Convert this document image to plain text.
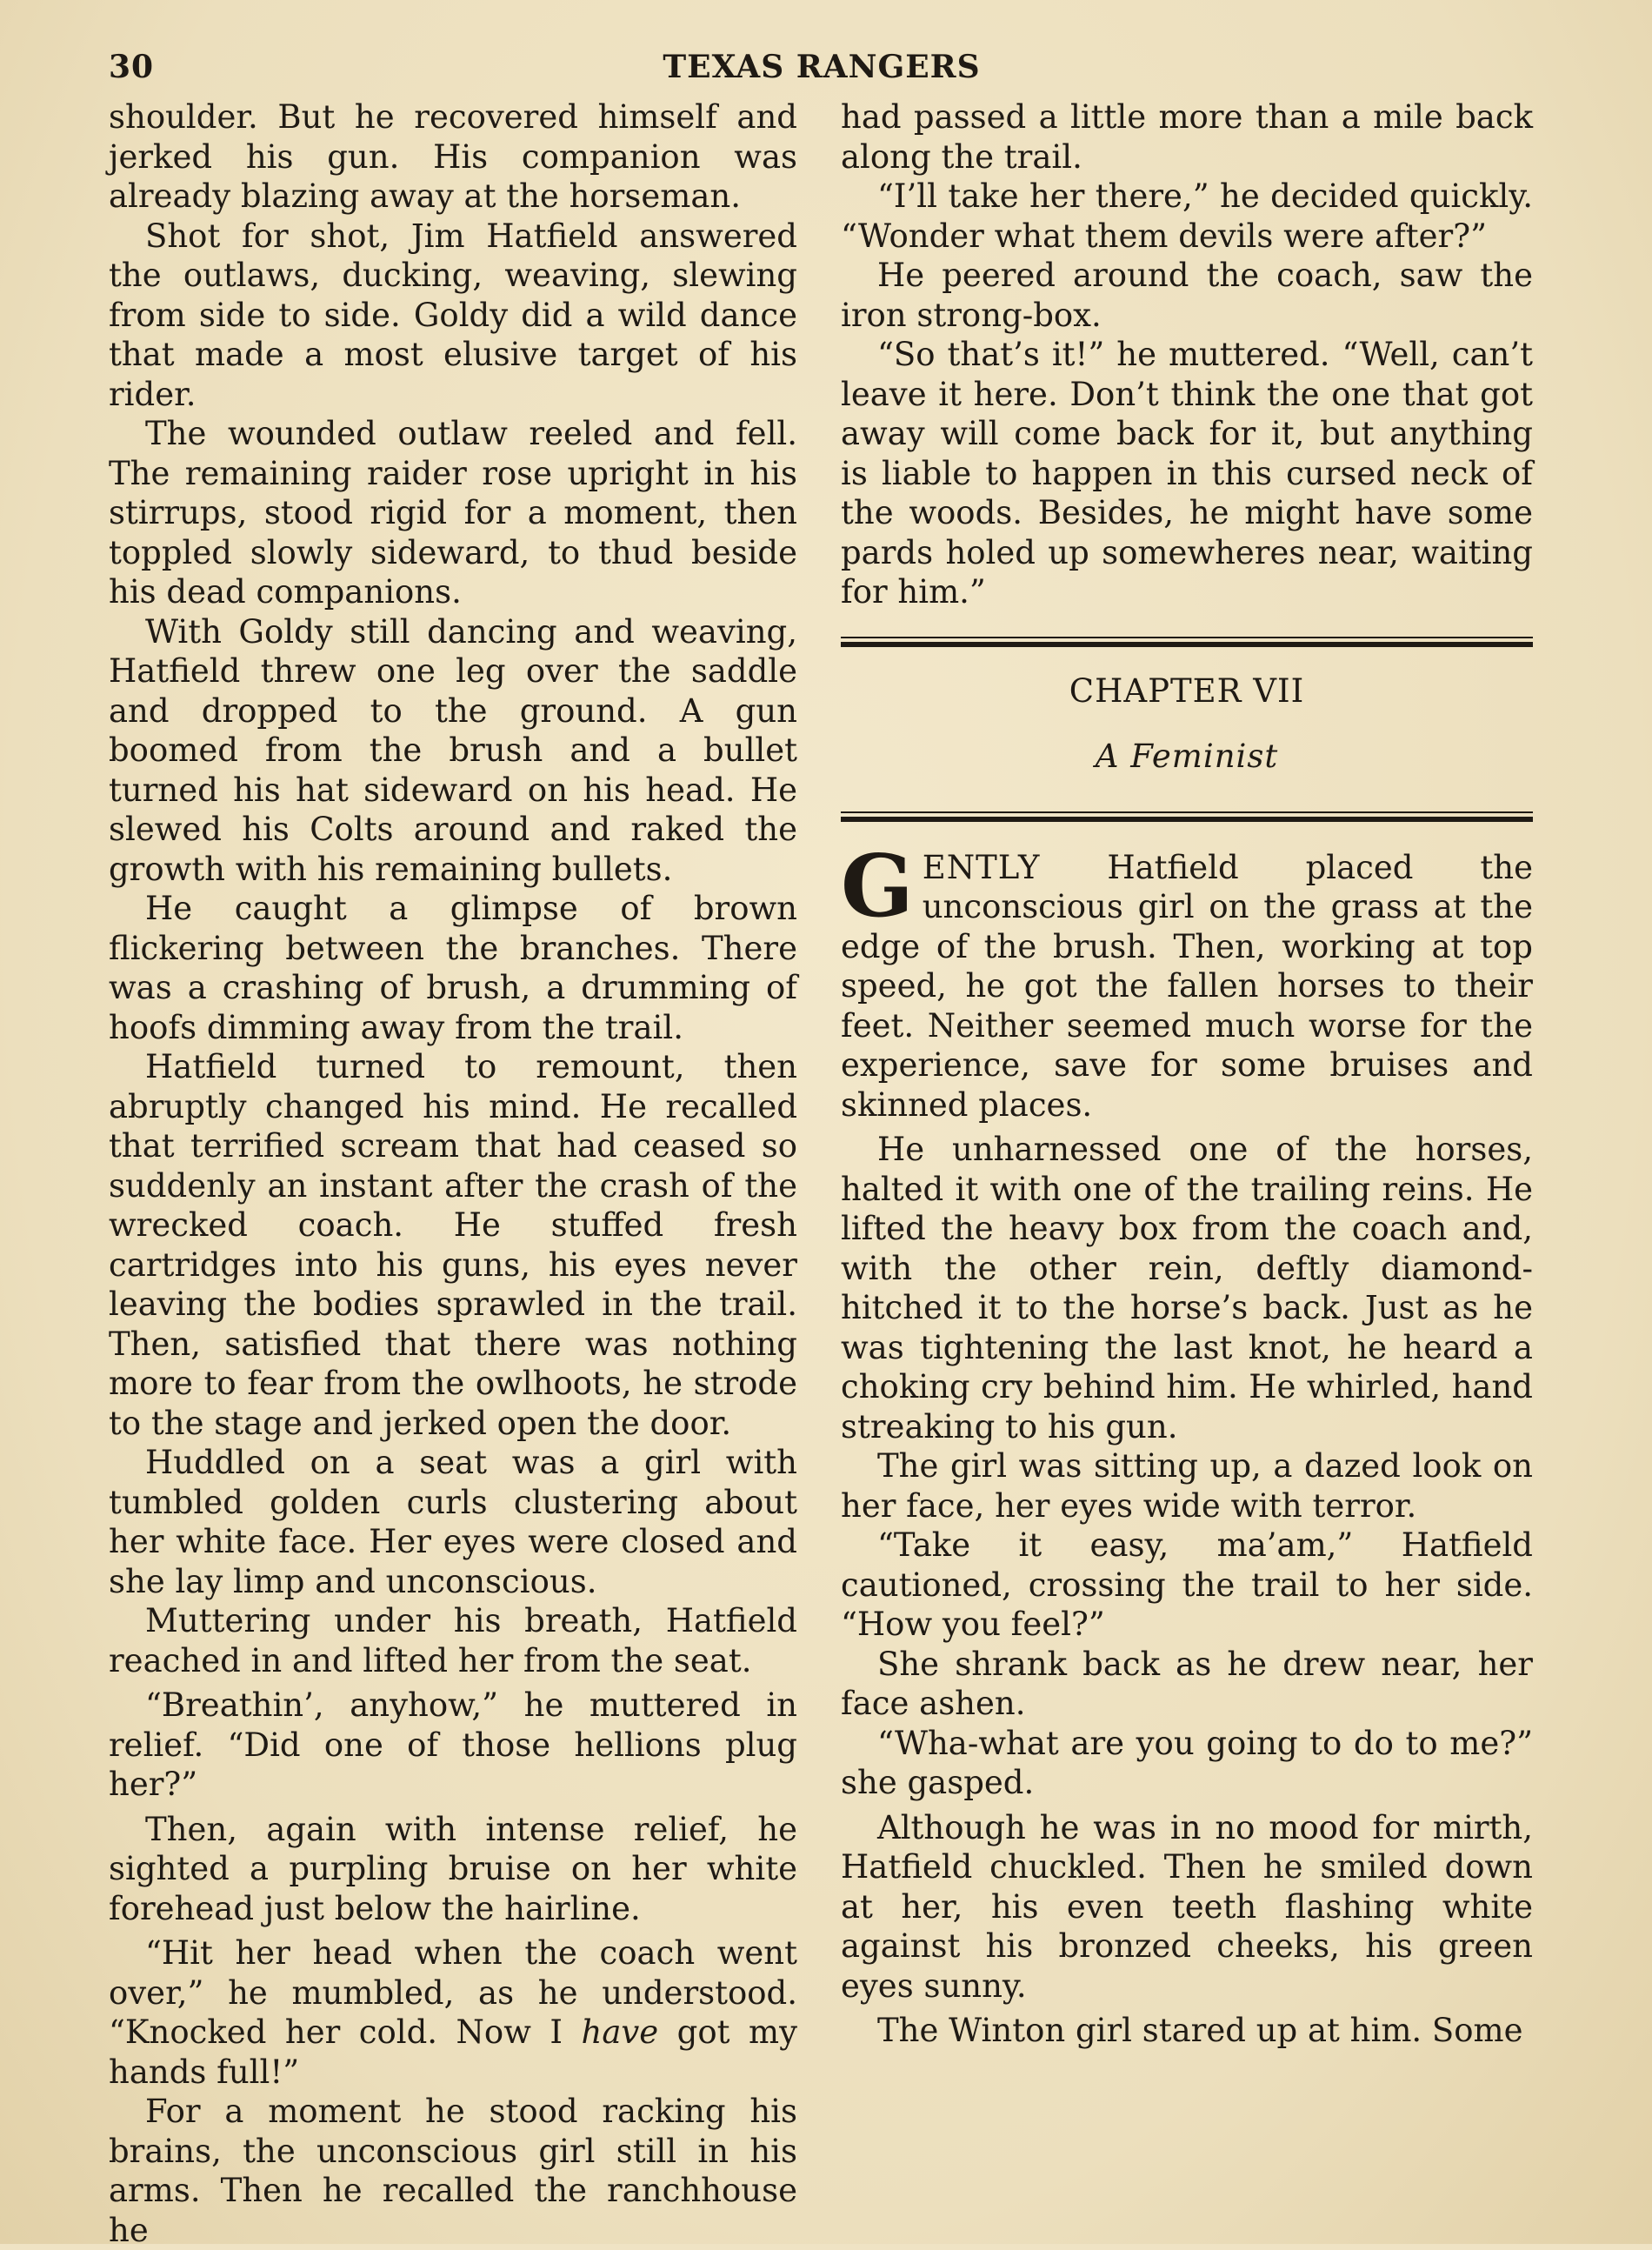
30	TEXAS RANGERS

shoulder. But he recovered himself and jerked his gun. His companion was already blazing away at the horseman.

Shot for shot, Jim Hatfield answered the outlaws, ducking, weaving, slewing from side to side. Goldy did a wild dance that made a most elusive target of his rider.

The wounded outlaw reeled and fell. The remaining raider rose upright in his stirrups, stood rigid for a moment, then toppled slowly sideward, to thud beside his dead companions.

With Goldy still dancing and weaving, Hatfield threw one leg over the saddle and dropped to the ground. A gun boomed from the brush and a bullet turned his hat sideward on his head. He slewed his Colts around and raked the growth with his remaining bullets.

He caught a glimpse of brown flickering between the branches. There was a crashing of brush, a drumming of hoofs dimming away from the trail.

Hatfield turned to remount, then abruptly changed his mind. He recalled that terrified scream that had ceased so suddenly an instant after the crash of the wrecked coach. He stuffed fresh cartridges into his guns, his eyes never leaving the bodies sprawled in the trail. Then, satisfied that there was nothing more to fear from the owlhoots, he strode to the stage and jerked open the door.

Huddled on a seat was a girl with tumbled golden curls clustering about her white face. Her eyes were closed and she lay limp and unconscious.

Muttering under his breath, Hatfield reached in and lifted her from the seat.

“Breathin’, anyhow,” he muttered in relief. “Did one of those hellions plug her?”

Then, again with intense relief, he sighted a purpling bruise on her white forehead just below the hairline.

“Hit her head when the coach went over,” he mumbled, as he understood. “Knocked her cold. Now I have got my hands full!”

For a moment he stood racking his brains, the unconscious girl still in his arms. Then he recalled the ranchhouse he

had passed a little more than a mile back along the trail.

“I’ll take her there,” he decided quickly. “Wonder what them devils were after?”

He peered around the coach, saw the iron strong-box.

“So that’s it!” he muttered. “Well, can’t leave it here. Don’t think the one that got away will come back for it, but anything is liable to happen in this cursed neck of the woods. Besides, he might have some pards holed up somewheres near, waiting for him.”

CHAPTER VII
A Feminist

GENTLY Hatfield placed the unconscious girl on the grass at the edge of the brush. Then, working at top speed, he got the fallen horses to their feet. Neither seemed much worse for the experience, save for some bruises and skinned places.

He unharnessed one of the horses, halted it with one of the trailing reins. He lifted the heavy box from the coach and, with the other rein, deftly diamond-hitched it to the horse’s back. Just as he was tightening the last knot, he heard a choking cry behind him. He whirled, hand streaking to his gun.

The girl was sitting up, a dazed look on her face, her eyes wide with terror.

“Take it easy, ma’am,” Hatfield cautioned, crossing the trail to her side. “How you feel?”

She shrank back as he drew near, her face ashen.

“Wha-what are you going to do to me?” she gasped.

Although he was in no mood for mirth, Hatfield chuckled. Then he smiled down at her, his even teeth flashing white against his bronzed cheeks, his green eyes sunny.

The Winton girl stared up at him. Some
